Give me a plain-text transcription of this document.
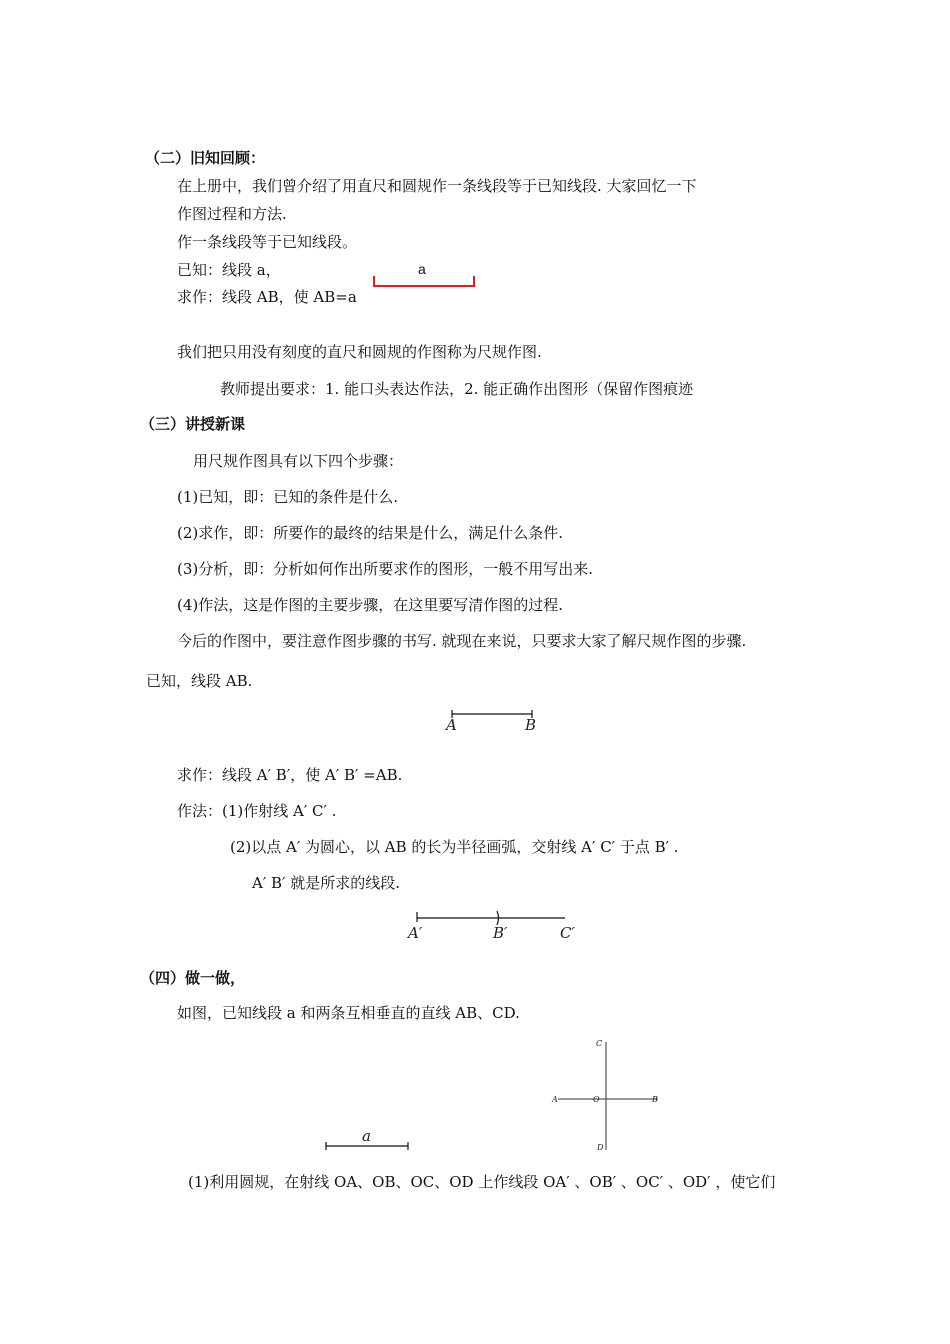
（二）旧知回顾：
在上册中，我们曾介绍了用直尺和圆规作一条线段等于已知线段. 大家回忆一下
作图过程和方法.
作一条线段等于已知线段。
已知：线段 a，
求作：线段 AB，使 AB=a
a
我们把只用没有刻度的直尺和圆规的作图称为尺规作图.
教师提出要求：1. 能口头表达作法，2. 能正确作出图形（保留作图痕迹
（三）讲授新课
用尺规作图具有以下四个步骤：
(1)已知，即：已知的条件是什么.
(2)求作，即：所要作的最终的结果是什么，满足什么条件.
(3)分析，即：分析如何作出所要求作的图形，一般不用写出来.
(4)作法，这是作图的主要步骤，在这里要写清作图的过程.
今后的作图中，要注意作图步骤的书写. 就现在来说，只要求大家了解尺规作图的步骤.
已知，线段 AB.
A	B
求作：线段 A′ B′，使 A′ B′ =AB.
作法：(1)作射线 A′ C′ .
(2)以点 A′ 为圆心，以 AB 的长为半径画弧，交射线 A′ C′ 于点 B′ .
A′ B′ 就是所求的线段.
A′	B′	C′
（四）做一做，
如图，已知线段 a 和两条互相垂直的直线 AB、CD.
C
A	O	B
D
a
(1)利用圆规，在射线 OA、OB、OC、OD 上作线段 OA′ 、OB′ 、OC′ 、OD′ ，使它们
